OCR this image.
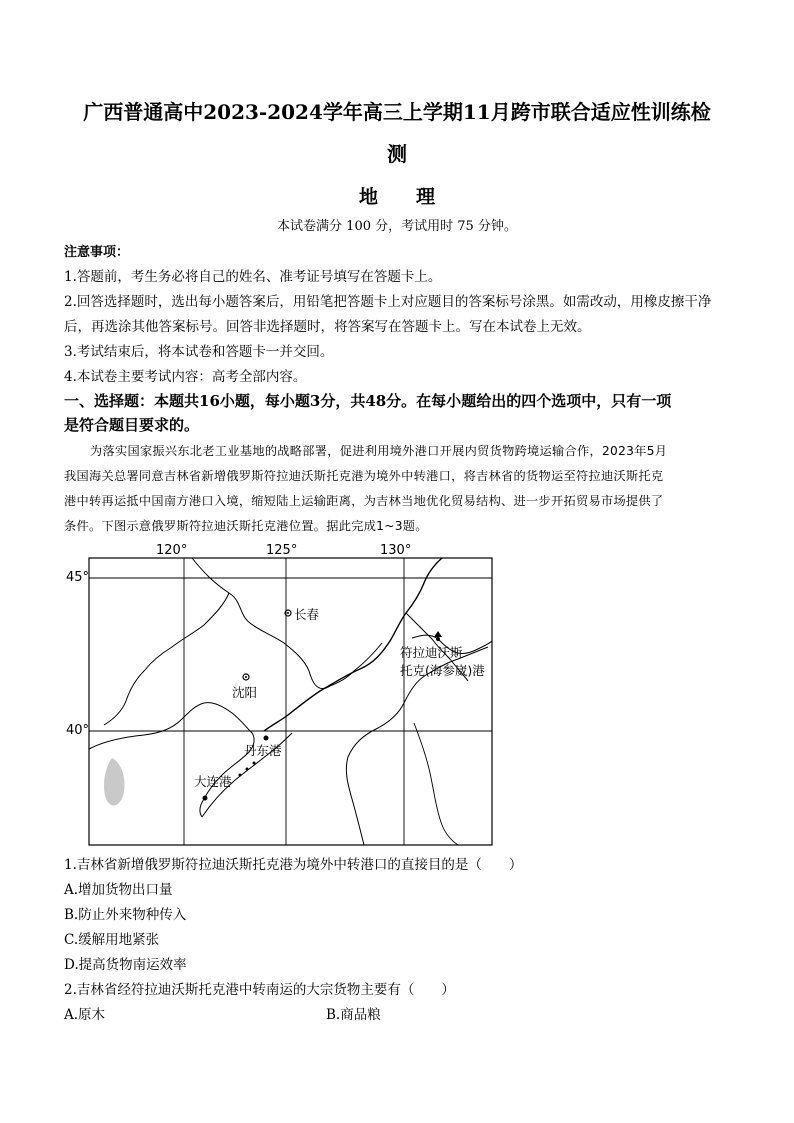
广西普通高中2023-2024学年高三上学期11月跨市联合适应性训练检
测
地理
本试卷满分 100 分，考试用时 75 分钟。
注意事项：
1.答题前，考生务必将自己的姓名、准考证号填写在答题卡上。
2.回答选择题时，选出每小题答案后，用铅笔把答题卡上对应题目的答案标号涂黑。如需改动，用橡皮擦干净
后，再选涂其他答案标号。回答非选择题时，将答案写在答题卡上。写在本试卷上无效。
3.考试结束后，将本试卷和答题卡一并交回。
4.本试卷主要考试内容：高考全部内容。
一、选择题：本题共16小题，每小题3分，共48分。在每小题给出的四个选项中，只有一项
是符合题目要求的。
为落实国家振兴东北老工业基地的战略部署，促进利用境外港口开展内贸货物跨境运输合作，2023年5月
我国海关总署同意吉林省新增俄罗斯符拉迪沃斯托克港为境外中转港口，将吉林省的货物运至符拉迪沃斯托克
港中转再运抵中国南方港口入境，缩短陆上运输距离，为吉林当地优化贸易结构、进一步开拓贸易市场提供了
条件。下图示意俄罗斯符拉迪沃斯托克港位置。据此完成1~3题。
120°	125°	130°
45°
40°
长春
沈阳
符拉迪沃斯
托克(海参崴)港
丹东港
大连港
1.吉林省新增俄罗斯符拉迪沃斯托克港为境外中转港口的直接目的是（　　）
A.增加货物出口量
B.防止外来物种传入
C.缓解用地紧张
D.提高货物南运效率
2.吉林省经符拉迪沃斯托克港中转南运的大宗货物主要有（　　）
A.原木	B.商品粮
